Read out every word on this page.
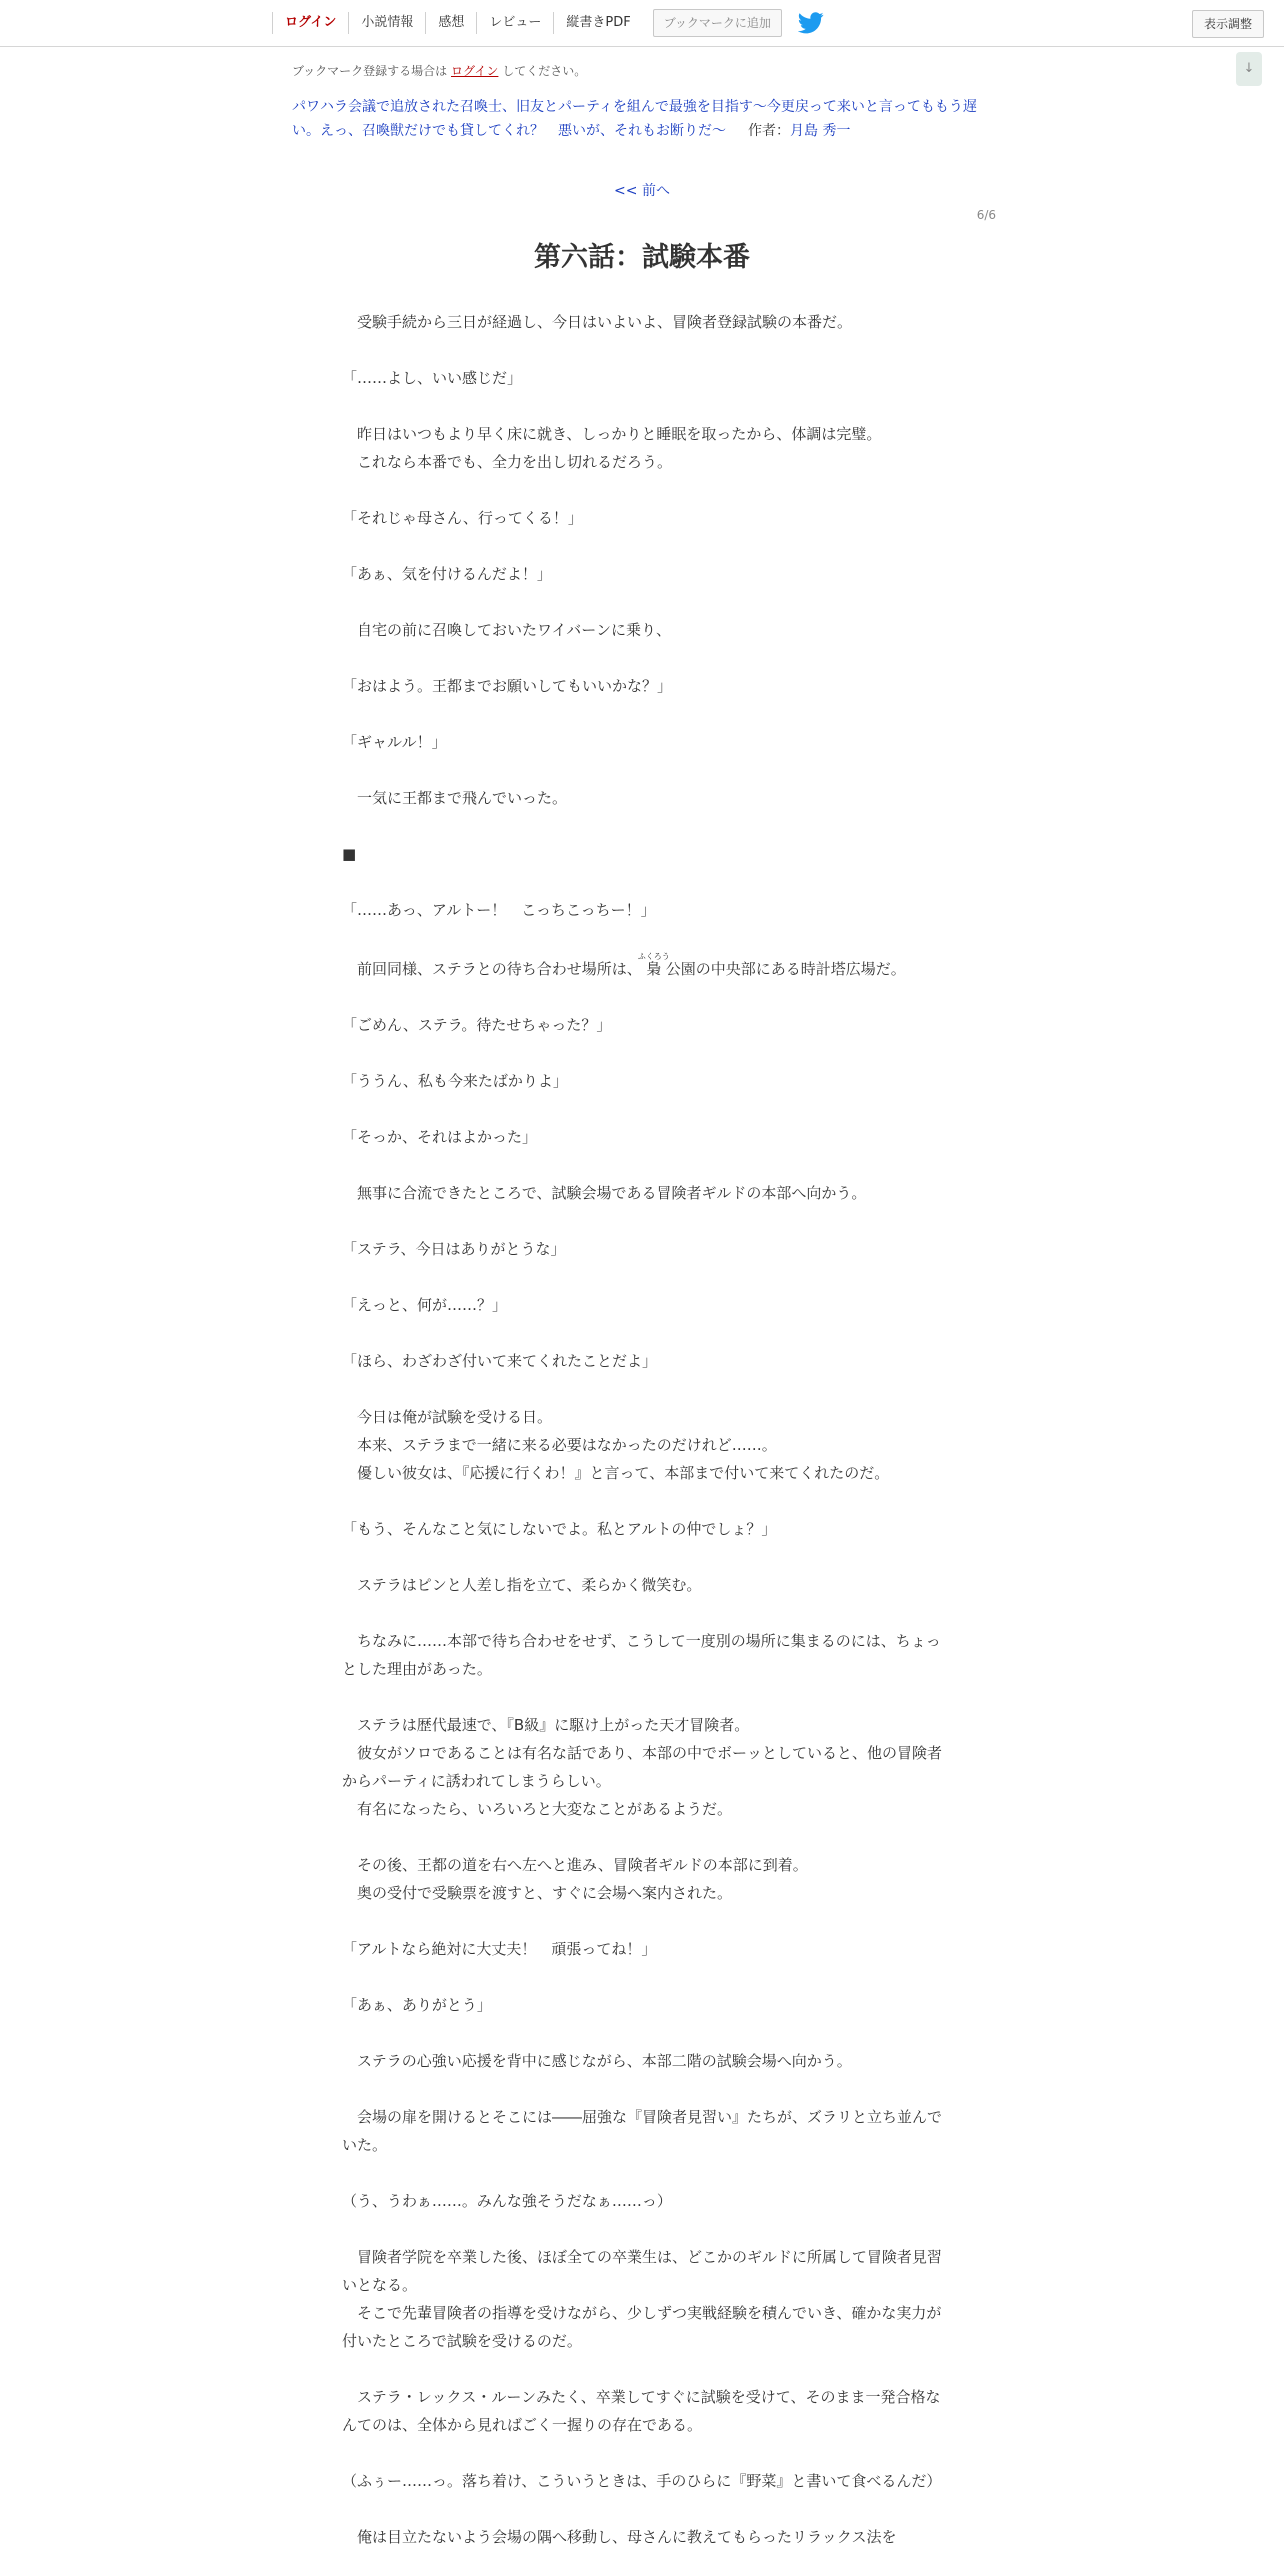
ログイン	小説情報	感想	レビュー	縦書きPDF	ブックマークに追加	表示調整
↓
ブックマーク登録する場合は ログイン してください。
パワハラ会議で追放された召喚士、旧友とパーティを組んで最強を目指す～今更戻って来いと言ってももう遅い。えっ、召喚獣だけでも貸してくれ？　悪いが、それもお断りだ～ 作者：月島 秀一
<< 前へ
6/6
第六話：試験本番

受験手続から三日が経過し、今日はいよいよ、冒険者登録試験の本番だ。

「……よし、いい感じだ」

昨日はいつもより早く床に就き、しっかりと睡眠を取ったから、体調は完璧。

これなら本番でも、全力を出し切れるだろう。

「それじゃ母さん、行ってくる！」

「あぁ、気を付けるんだよ！」

自宅の前に召喚しておいたワイバーンに乗り、

「おはよう。王都までお願いしてもいいかな？」

「ギャルル！」

一気に王都まで飛んでいった。

■

「……あっ、アルトー！　こっちこっちー！」

前回同様、ステラとの待ち合わせ場所は、梟ふくろう公園の中央部にある時計塔広場だ。

「ごめん、ステラ。待たせちゃった？」

「ううん、私も今来たばかりよ」

「そっか、それはよかった」

無事に合流できたところで、試験会場である冒険者ギルドの本部へ向かう。

「ステラ、今日はありがとうな」

「えっと、何が……？」

「ほら、わざわざ付いて来てくれたことだよ」

今日は俺が試験を受ける日。

本来、ステラまで一緒に来る必要はなかったのだけれど……。

優しい彼女は、『応援に行くわ！』と言って、本部まで付いて来てくれたのだ。

「もう、そんなこと気にしないでよ。私とアルトの仲でしょ？」

ステラはピンと人差し指を立て、柔らかく微笑む。

ちなみに……本部で待ち合わせをせず、こうして一度別の場所に集まるのには、ちょっとした理由があった。

ステラは歴代最速で、『B級』に駆け上がった天才冒険者。

彼女がソロであることは有名な話であり、本部の中でボーッとしていると、他の冒険者からパーティに誘われてしまうらしい。

有名になったら、いろいろと大変なことがあるようだ。

その後、王都の道を右へ左へと進み、冒険者ギルドの本部に到着。

奥の受付で受験票を渡すと、すぐに会場へ案内された。

「アルトなら絶対に大丈夫！　頑張ってね！」

「あぁ、ありがとう」

ステラの心強い応援を背中に感じながら、本部二階の試験会場へ向かう。

会場の扉を開けるとそこには――屈強な『冒険者見習い』たちが、ズラリと立ち並んでいた。

（う、うわぁ……。みんな強そうだなぁ……っ）

冒険者学院を卒業した後、ほぼ全ての卒業生は、どこかのギルドに所属して冒険者見習いとなる。

そこで先輩冒険者の指導を受けながら、少しずつ実戦経験を積んでいき、確かな実力が付いたところで試験を受けるのだ。

ステラ・レックス・ルーンみたく、卒業してすぐに試験を受けて、そのまま一発合格なんてのは、全体から見ればごく一握りの存在である。

（ふぅー……っ。落ち着け、こういうときは、手のひらに『野菜』と書いて食べるんだ）

俺は目立たないよう会場の隅へ移動し、母さんに教えてもらったリラックス法を
